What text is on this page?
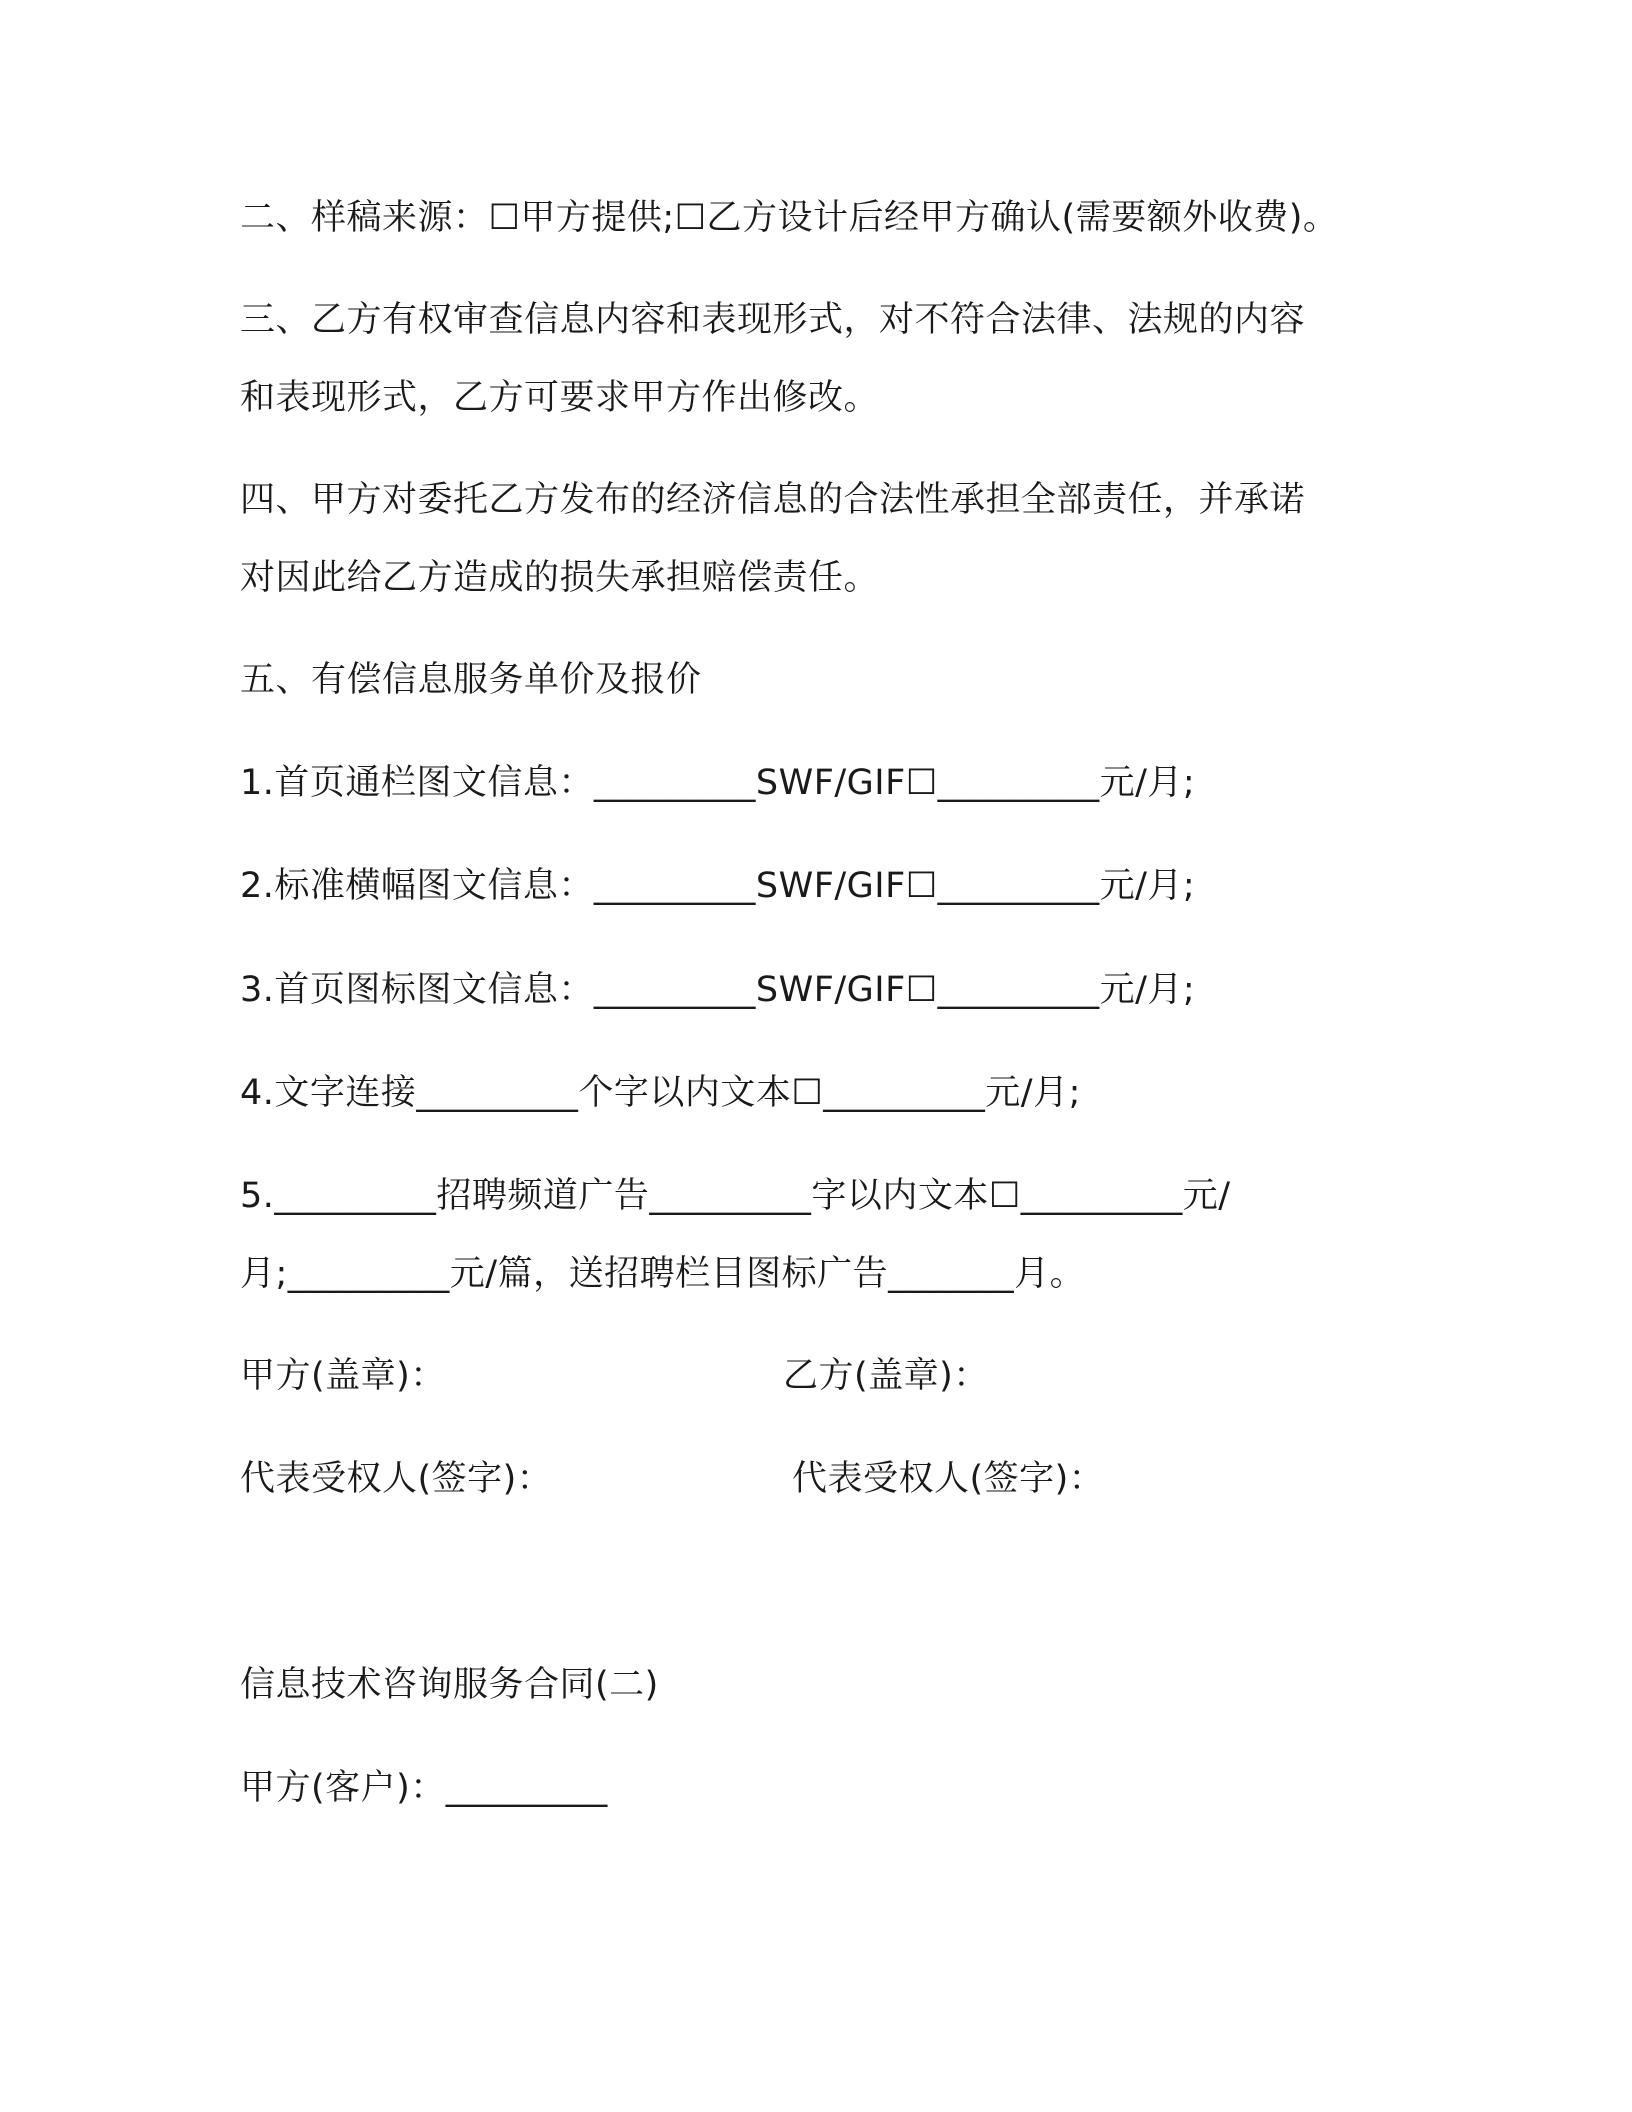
二、样稿来源：☐甲方提供;☐乙方设计后经甲方确认(需要额外收费)。
三、乙方有权审查信息内容和表现形式，对不符合法律、法规的内容
和表现形式，乙方可要求甲方作出修改。
四、甲方对委托乙方发布的经济信息的合法性承担全部责任，并承诺
对因此给乙方造成的损失承担赔偿责任。
五、有偿信息服务单价及报价
1.首页通栏图文信息：_________SWF/GIF☐_________元/月;
2.标准横幅图文信息：_________SWF/GIF☐_________元/月;
3.首页图标图文信息：_________SWF/GIF☐_________元/月;
4.文字连接_________个字以内文本☐_________元/月;
5._________招聘频道广告_________字以内文本☐_________元/
月;_________元/篇，送招聘栏目图标广告_______月。
甲方(盖章)：	乙方(盖章)：
代表受权人(签字)：	代表受权人(签字)：
信息技术咨询服务合同(二)
甲方(客户)：_________
